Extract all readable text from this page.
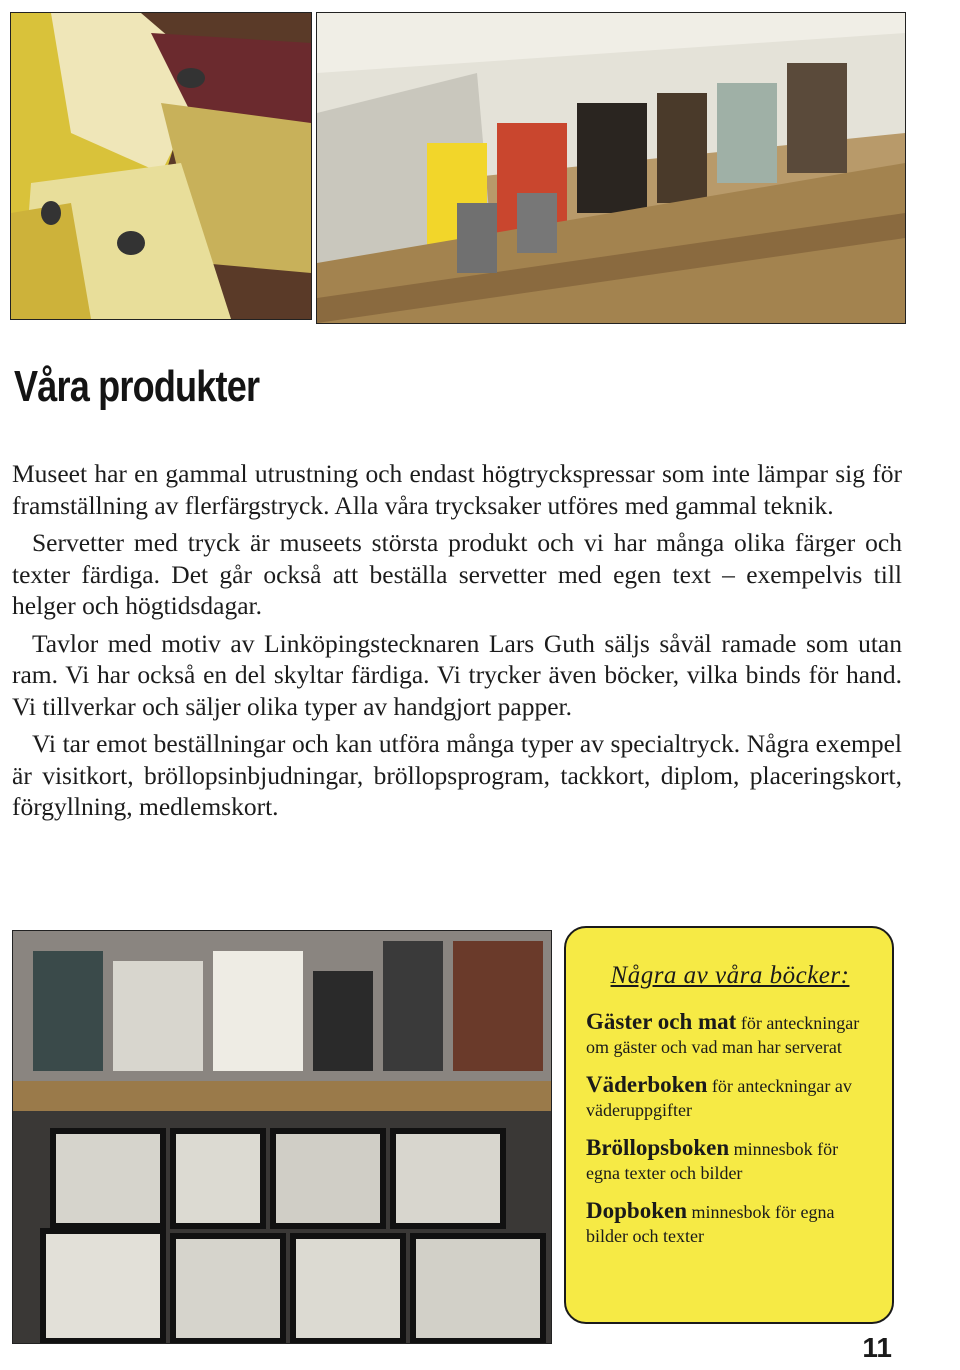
Våra produkter

Museet har en gammal utrustning och endast högtryckspressar som inte lämpar sig för framställning av flerfärgstryck. Alla våra trycksaker utföres med gammal teknik.

Servetter med tryck är museets största produkt och vi har många olika färger och texter färdiga. Det går också att beställa servetter med egen text – exempelvis till helger och högtidsdagar.

Tavlor med motiv av Linköpingstecknaren Lars Guth säljs såväl ramade som utan ram. Vi har också en del skyltar färdiga. Vi trycker även böcker, vilka binds för hand. Vi tillverkar och säljer olika typer av handgjort papper.

Vi tar emot beställningar och kan utföra många typer av specialtryck. Några exempel är visitkort, bröllopsinbjudningar, bröllopsprogram, tackkort, diplom, placeringskort, förgyllning, medlemskort.

Några av våra böcker:
Gäster och mat för anteckningar om gäster och vad man har serverat
Väderboken för anteckningar av väderuppgifter
Bröllopsboken minnesbok för egna texter och bilder
Dopboken minnesbok för egna bilder och texter
11
